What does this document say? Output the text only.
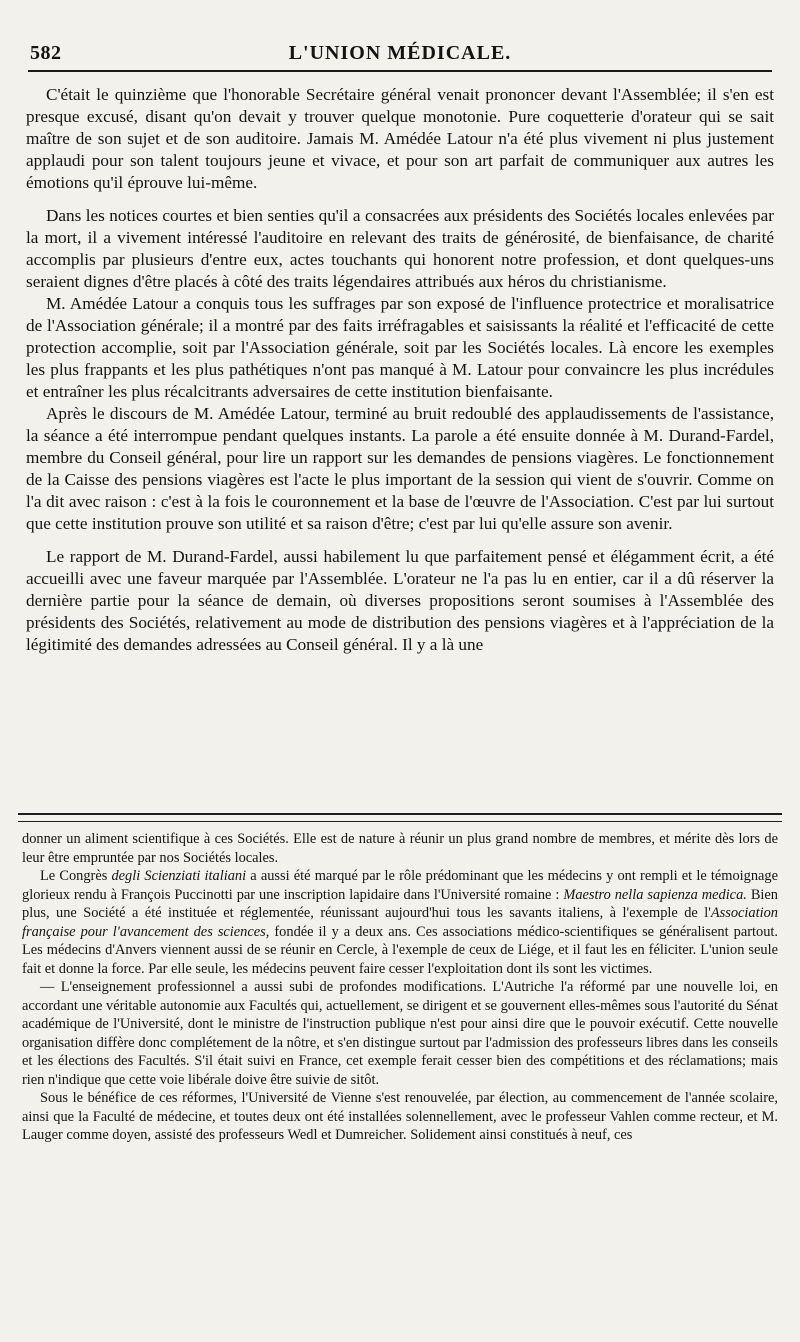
582	L'UNION MÉDICALE.

C'était le quinzième que l'honorable Secrétaire général venait prononcer devant l'Assemblée; il s'en est presque excusé, disant qu'on devait y trouver quelque monotonie. Pure coquetterie d'orateur qui se sait maître de son sujet et de son auditoire. Jamais M. Amédée Latour n'a été plus vivement ni plus justement applaudi pour son talent toujours jeune et vivace, et pour son art parfait de communiquer aux autres les émotions qu'il éprouve lui-même.

Dans les notices courtes et bien senties qu'il a consacrées aux présidents des Sociétés locales enlevées par la mort, il a vivement intéressé l'auditoire en relevant des traits de générosité, de bienfaisance, de charité accomplis par plusieurs d'entre eux, actes touchants qui honorent notre profession, et dont quelques-uns seraient dignes d'être placés à côté des traits légendaires attribués aux héros du christianisme.

M. Amédée Latour a conquis tous les suffrages par son exposé de l'influence protectrice et moralisatrice de l'Association générale; il a montré par des faits irréfragables et saisissants la réalité et l'efficacité de cette protection accomplie, soit par l'Association générale, soit par les Sociétés locales. Là encore les exemples les plus frappants et les plus pathétiques n'ont pas manqué à M. Latour pour convaincre les plus incrédules et entraîner les plus récalcitrants adversaires de cette institution bienfaisante.

Après le discours de M. Amédée Latour, terminé au bruit redoublé des applaudissements de l'assistance, la séance a été interrompue pendant quelques instants. La parole a été ensuite donnée à M. Durand-Fardel, membre du Conseil général, pour lire un rapport sur les demandes de pensions viagères. Le fonctionnement de la Caisse des pensions viagères est l'acte le plus important de la session qui vient de s'ouvrir. Comme on l'a dit avec raison : c'est à la fois le couronnement et la base de l'œuvre de l'Association. C'est par lui surtout que cette institution prouve son utilité et sa raison d'être; c'est par lui qu'elle assure son avenir.

Le rapport de M. Durand-Fardel, aussi habilement lu que parfaitement pensé et élégamment écrit, a été accueilli avec une faveur marquée par l'Assemblée. L'orateur ne l'a pas lu en entier, car il a dû réserver la dernière partie pour la séance de demain, où diverses propositions seront soumises à l'Assemblée des présidents des Sociétés, relativement au mode de distribution des pensions viagères et à l'appréciation de la légitimité des demandes adressées au Conseil général. Il y a là une

donner un aliment scientifique à ces Sociétés. Elle est de nature à réunir un plus grand nombre de membres, et mérite dès lors de leur être empruntée par nos Sociétés locales.

Le Congrès degli Scienziati italiani a aussi été marqué par le rôle prédominant que les médecins y ont rempli et le témoignage glorieux rendu à François Puccinotti par une inscription lapidaire dans l'Université romaine : Maestro nella sapienza medica. Bien plus, une Société a été instituée et réglementée, réunissant aujourd'hui tous les savants italiens, à l'exemple de l'Association française pour l'avancement des sciences, fondée il y a deux ans. Ces associations médico-scientifiques se généralisent partout. Les médecins d'Anvers viennent aussi de se réunir en Cercle, à l'exemple de ceux de Liége, et il faut les en féliciter. L'union seule fait et donne la force. Par elle seule, les médecins peuvent faire cesser l'exploitation dont ils sont les victimes.

— L'enseignement professionnel a aussi subi de profondes modifications. L'Autriche l'a réformé par une nouvelle loi, en accordant une véritable autonomie aux Facultés qui, actuellement, se dirigent et se gouvernent elles-mêmes sous l'autorité du Sénat académique de l'Université, dont le ministre de l'instruction publique n'est pour ainsi dire que le pouvoir exécutif. Cette nouvelle organisation diffère donc complétement de la nôtre, et s'en distingue surtout par l'admission des professeurs libres dans les conseils et les élections des Facultés. S'il était suivi en France, cet exemple ferait cesser bien des compétitions et des réclamations; mais rien n'indique que cette voie libérale doive être suivie de sitôt.

Sous le bénéfice de ces réformes, l'Université de Vienne s'est renouvelée, par élection, au commencement de l'année scolaire, ainsi que la Faculté de médecine, et toutes deux ont été installées solennellement, avec le professeur Vahlen comme recteur, et M. Lauger comme doyen, assisté des professeurs Wedl et Dumreicher. Solidement ainsi constitués à neuf, ces
